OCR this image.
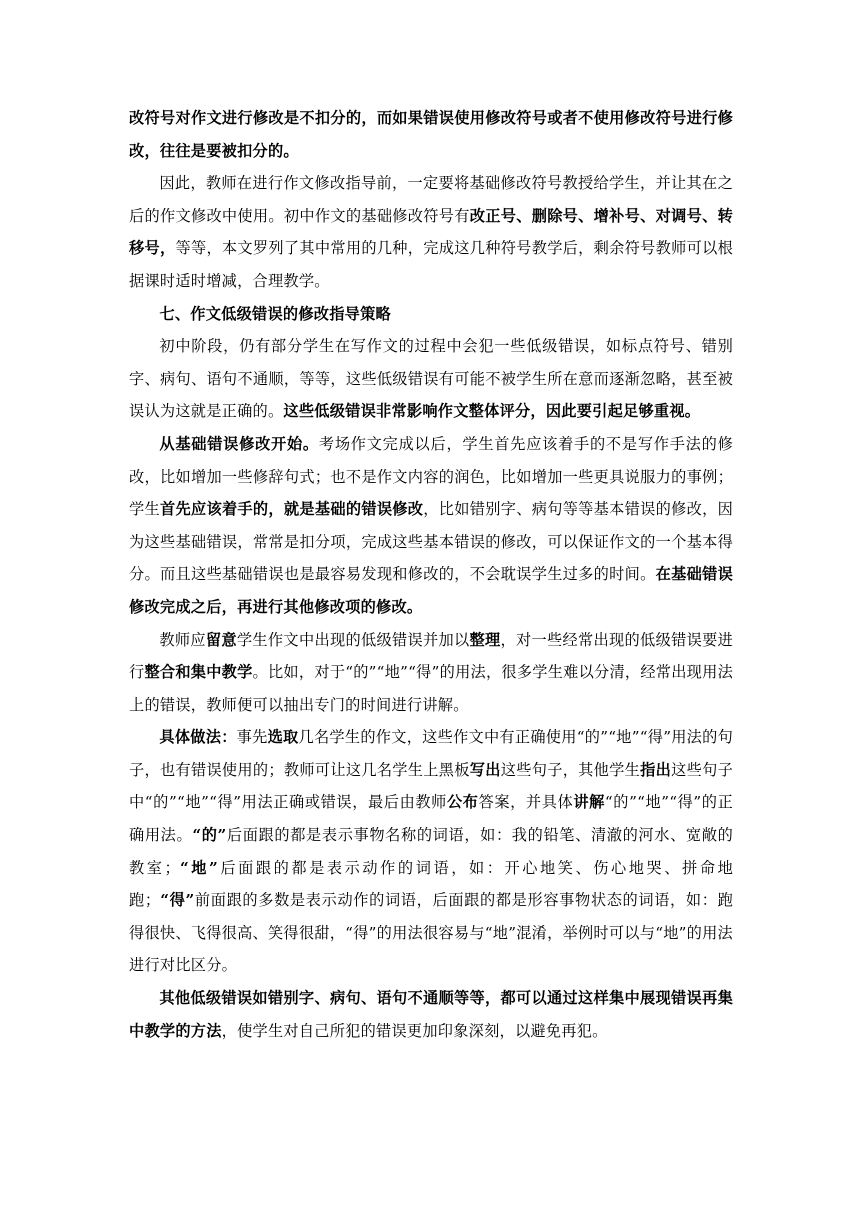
改符号对作文进行修改是不扣分的，而如果错误使用修改符号或者不使用修改符号进行修改，往往是要被扣分的。

因此，教师在进行作文修改指导前，一定要将基础修改符号教授给学生，并让其在之后的作文修改中使用。初中作文的基础修改符号有改正号、删除号、增补号、对调号、转移号，等等，本文罗列了其中常用的几种，完成这几种符号教学后，剩余符号教师可以根据课时适时增减，合理教学。

七、作文低级错误的修改指导策略

初中阶段，仍有部分学生在写作文的过程中会犯一些低级错误，如标点符号、错别字、病句、语句不通顺，等等，这些低级错误有可能不被学生所在意而逐渐忽略，甚至被误认为这就是正确的。这些低级错误非常影响作文整体评分，因此要引起足够重视。

从基础错误修改开始。考场作文完成以后，学生首先应该着手的不是写作手法的修改，比如增加一些修辞句式；也不是作文内容的润色，比如增加一些更具说服力的事例；学生首先应该着手的，就是基础的错误修改，比如错别字、病句等等基本错误的修改，因为这些基础错误，常常是扣分项，完成这些基本错误的修改，可以保证作文的一个基本得分。而且这些基础错误也是最容易发现和修改的，不会耽误学生过多的时间。在基础错误修改完成之后，再进行其他修改项的修改。

教师应留意学生作文中出现的低级错误并加以整理，对一些经常出现的低级错误要进行整合和集中教学。比如，对于“的”“地”“得”的用法，很多学生难以分清，经常出现用法上的错误，教师便可以抽出专门的时间进行讲解。

具体做法：事先选取几名学生的作文，这些作文中有正确使用“的”“地”“得”用法的句子，也有错误使用的；教师可让这几名学生上黑板写出这些句子，其他学生指出这些句子中“的”“地”“得”用法正确或错误，最后由教师公布答案，并具体讲解“的”“地”“得”的正确用法。“的”后面跟的都是表示事物名称的词语，如：我的铅笔、清澈的河水、宽敞的教室；“地”后面跟的都是表示动作的词语，如：开心地笑、伤心地哭、拼命地跑；“得”前面跟的多数是表示动作的词语，后面跟的都是形容事物状态的词语，如：跑得很快、飞得很高、笑得很甜，“得”的用法很容易与“地”混淆，举例时可以与“地”的用法进行对比区分。

其他低级错误如错别字、病句、语句不通顺等等，都可以通过这样集中展现错误再集中教学的方法，使学生对自己所犯的错误更加印象深刻，以避免再犯。
